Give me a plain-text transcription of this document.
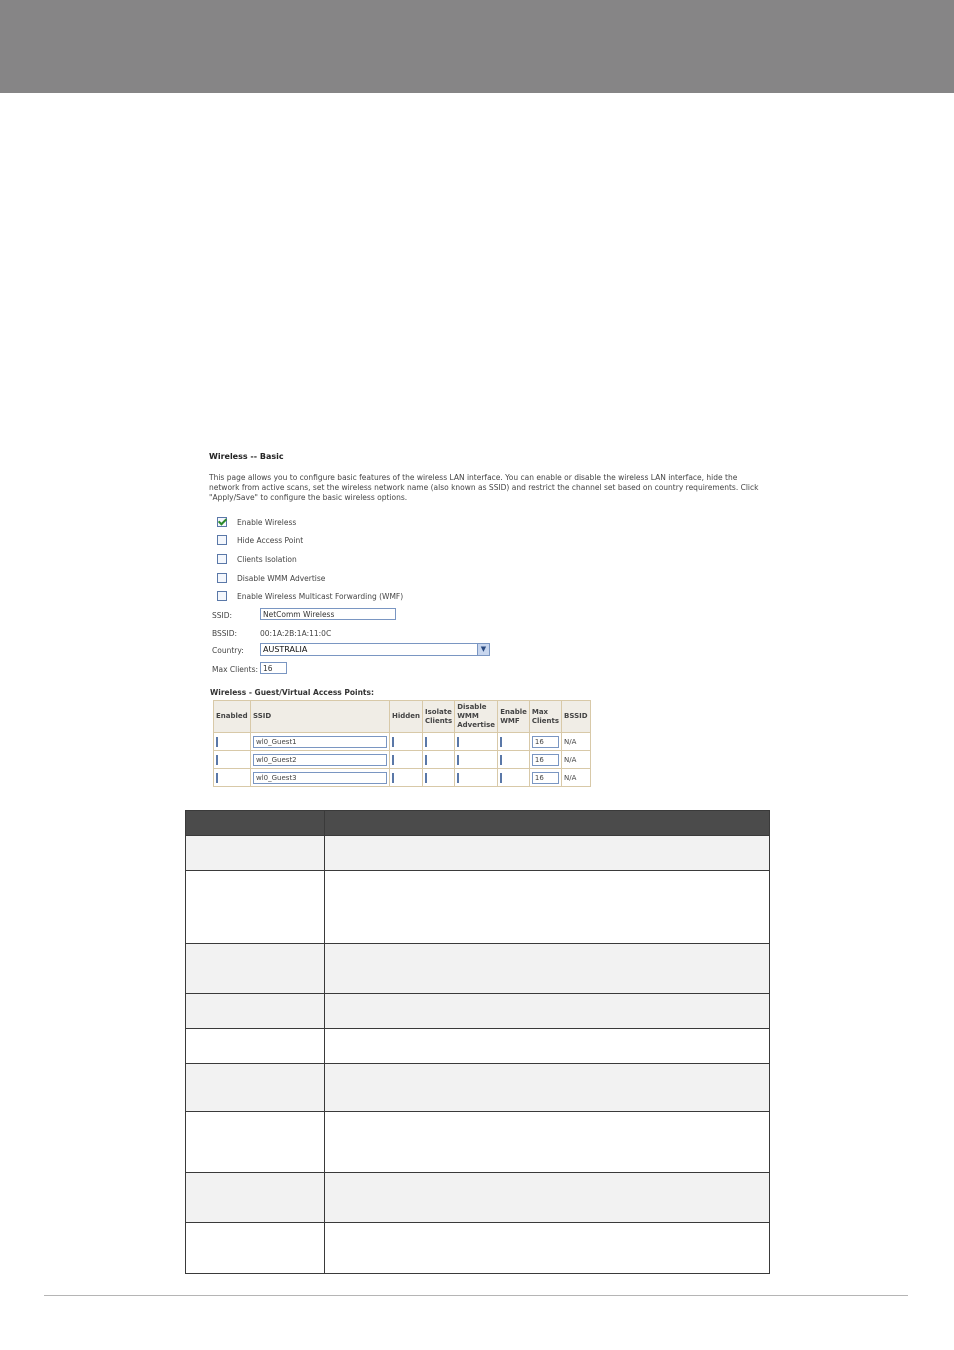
Wireless -- Basic
This page allows you to configure basic features of the wireless LAN interface. You can enable or disable the wireless LAN interface, hide the network from active scans, set the wireless network name (also known as SSID) and restrict the channel set based on country requirements. Click "Apply/Save" to configure the basic wireless options.
Enable Wireless
Hide Access Point
Clients Isolation
Disable WMM Advertise
Enable Wireless Multicast Forwarding (WMF)
SSID:	NetComm Wireless
BSSID:	00:1A:2B:1A:11:0C
Country:	AUSTRALIA	▼
Max Clients: 16
Wireless - Guest/Virtual Access Points:
Enabled	SSID	Hidden	Isolate Clients	Disable WMM Advertise	Enable WMF	Max Clients	BSSID

	wl0_Guest1					16	N/A

	wl0_Guest2					16	N/A

	wl0_Guest3					16	N/A
